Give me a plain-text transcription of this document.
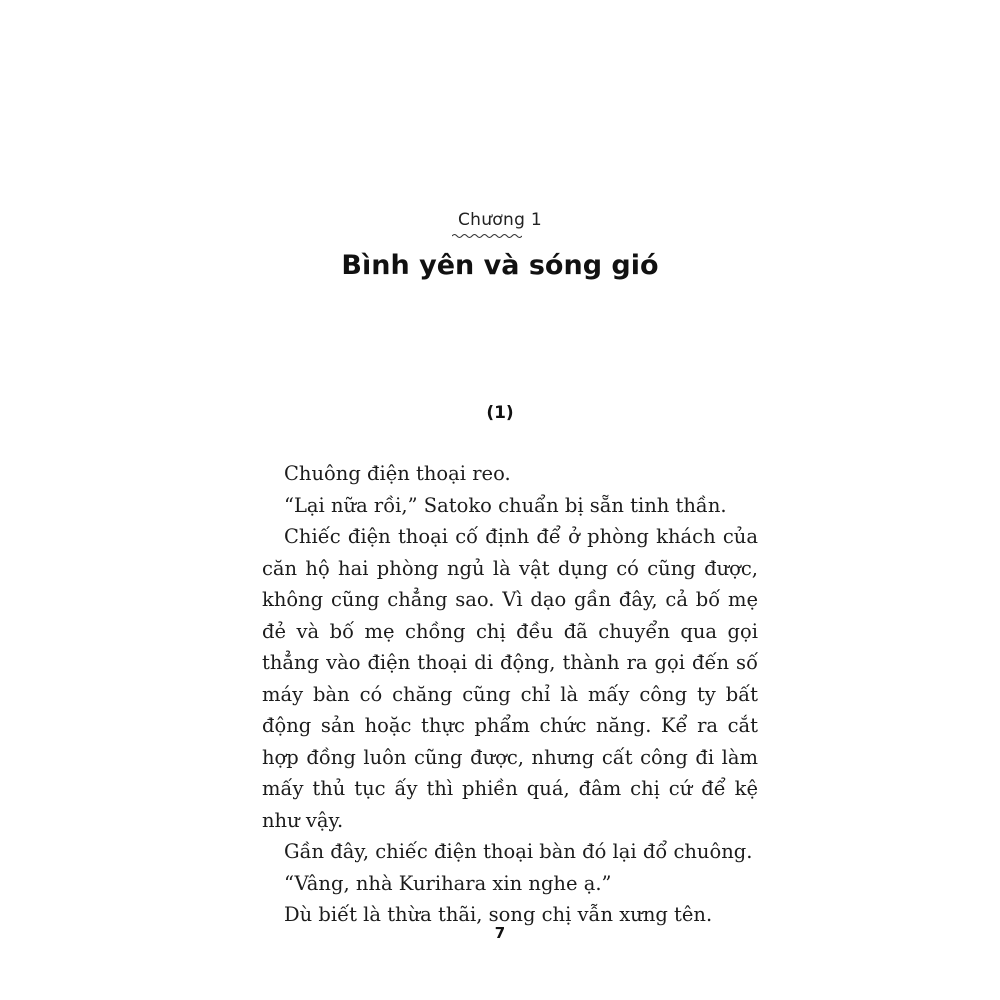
Chương 1
Bình yên và sóng gió
(1)

Chuông điện thoại reo.

“Lại nữa rồi,” Satoko chuẩn bị sẵn tinh thần.

Chiếc điện thoại cố định để ở phòng khách của căn hộ hai phòng ngủ là vật dụng có cũng được, không cũng chẳng sao. Vì dạo gần đây, cả bố mẹ đẻ và bố mẹ chồng chị đều đã chuyển qua gọi thẳng vào điện thoại di động, thành ra gọi đến số máy bàn có chăng cũng chỉ là mấy công ty bất động sản hoặc thực phẩm chức năng. Kể ra cắt hợp đồng luôn cũng được, nhưng cất công đi làm mấy thủ tục ấy thì phiền quá, đâm chị cứ để kệ như vậy.

Gần đây, chiếc điện thoại bàn đó lại đổ chuông.

“Vâng, nhà Kurihara xin nghe ạ.”

Dù biết là thừa thãi, song chị vẫn xưng tên.

7
